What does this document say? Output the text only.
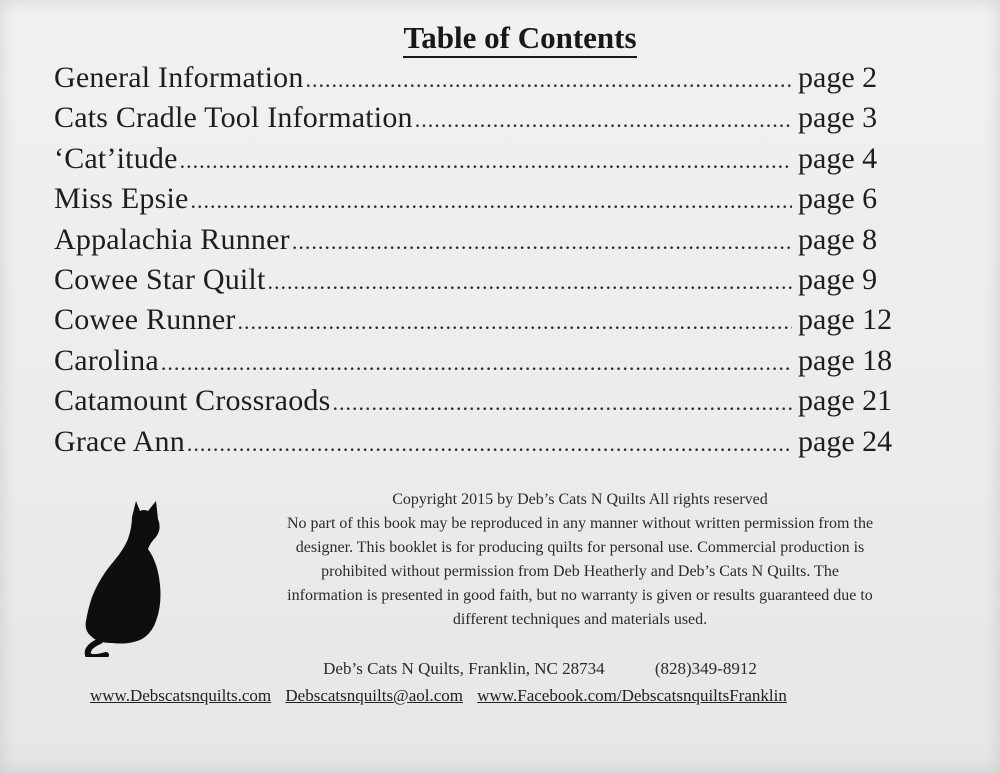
Table of Contents
General Information .....	page 2
Cats Cradle Tool Information .....	page 3
‘Cat’itude .....	page 4
Miss Epsie .....	page 6
Appalachia Runner .....	page 8
Cowee Star Quilt .....	page 9
Cowee Runner .....	page 12
Carolina .....	page 18
Catamount Crossraods .....	page 21
Grace Ann .....	page 24

Copyright 2015 by Deb’s Cats N Quilts All rights reserved

No part of this book may be reproduced in any manner without written permission from the

designer. This booklet is for producing quilts for personal use. Commercial production is

prohibited without permission from Deb Heatherly and Deb’s Cats N Quilts. The

information is presented in good faith, but no warranty is given or results guaranteed due to

different techniques and materials used.

Deb’s Cats N Quilts, Franklin, NC 28734	(828)349-8912
www.Debscatsnquilts.com Debscatsnquilts@aol.com www.Facebook.com/DebscatsnquiltsFranklin
